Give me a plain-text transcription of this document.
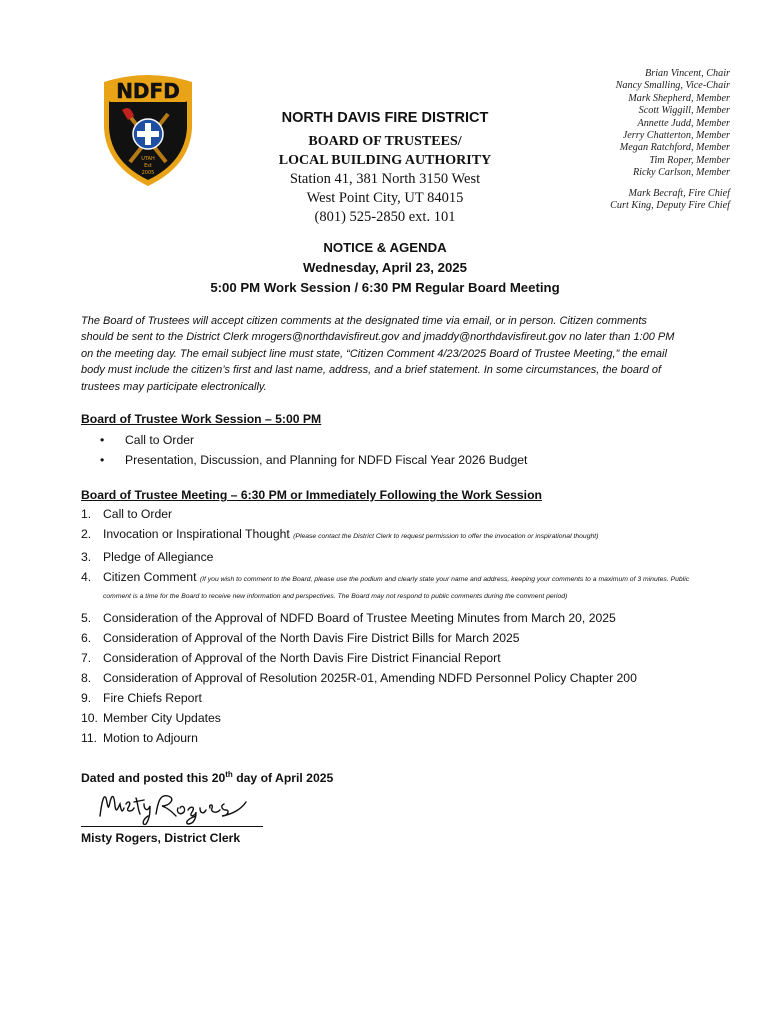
NDFD
UTAH
Est
2005
NORTH DAVIS FIRE DISTRICT
BOARD OF TRUSTEES/
LOCAL BUILDING AUTHORITY
Station 41, 381 North 3150 West
West Point City, UT 84015
(801) 525-2850 ext. 101
Brian Vincent, Chair
Nancy Smalling, Vice-Chair
Mark Shepherd, Member
Scott Wiggill, Member
Annette Judd, Member
Jerry Chatterton, Member
Megan Ratchford, Member
Tim Roper, Member
Ricky Carlson, Member
Mark Becraft, Fire Chief
Curt King, Deputy Fire Chief
NOTICE & AGENDA
Wednesday, April 23, 2025
5:00 PM Work Session / 6:30 PM Regular Board Meeting
The Board of Trustees will accept citizen comments at the designated time via email, or in person. Citizen comments should be sent to the District Clerk mrogers@northdavisfireut.gov and jmaddy@northdavisfireut.gov no later than 1:00 PM on the meeting day. The email subject line must state, “Citizen Comment 4/23/2025 Board of Trustee Meeting,” the email body must include the citizen’s first and last name, address, and a brief statement. In some circumstances, the board of trustees may participate electronically.
Board of Trustee Work Session – 5:00 PM
• Call to Order
• Presentation, Discussion, and Planning for NDFD Fiscal Year 2026 Budget
Board of Trustee Meeting – 6:30 PM or Immediately Following the Work Session
1. Call to Order
2. Invocation or Inspirational Thought (Please contact the District Clerk to request permission to offer the invocation or inspirational thought)
3. Pledge of Allegiance
4. Citizen Comment (If you wish to comment to the Board, please use the podium and clearly state your name and address, keeping your comments to a maximum of 3 minutes. Public comment is a time for the Board to receive new information and perspectives. The Board may not respond to public comments during the comment period)
5. Consideration of the Approval of NDFD Board of Trustee Meeting Minutes from March 20, 2025
6. Consideration of Approval of the North Davis Fire District Bills for March 2025
7. Consideration of Approval of the North Davis Fire District Financial Report
8. Consideration of Approval of Resolution 2025R-01, Amending NDFD Personnel Policy Chapter 200
9. Fire Chiefs Report
10. Member City Updates
11. Motion to Adjourn
Dated and posted this 20th day of April 2025
Misty Rogers, District Clerk
